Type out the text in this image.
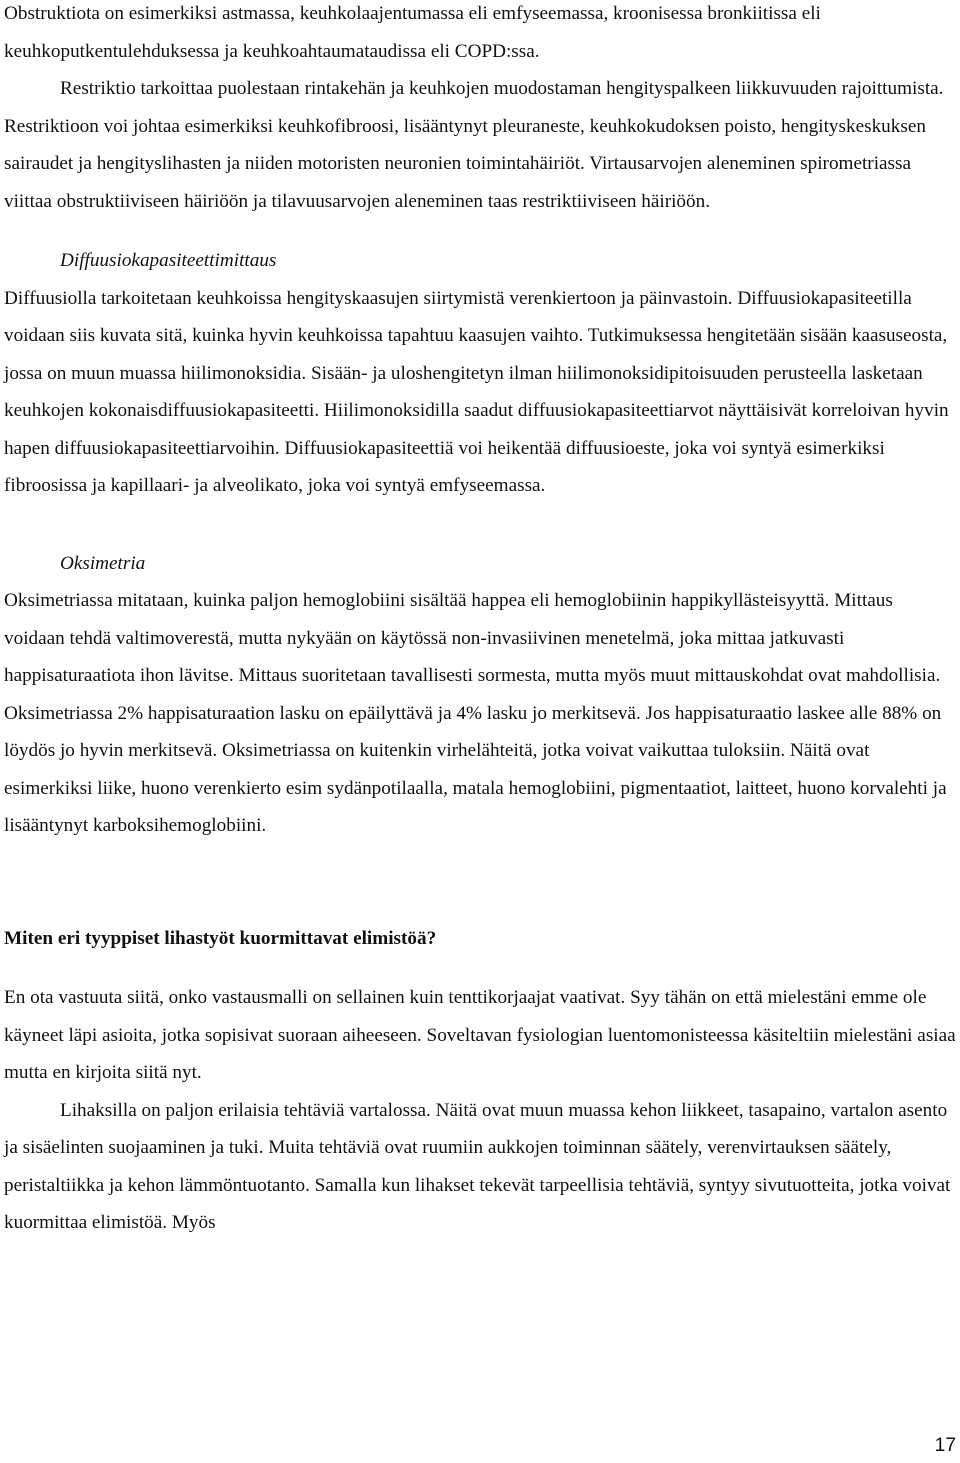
Obstruktiota on esimerkiksi astmassa, keuhkolaajentumassa eli emfyseemassa, kroonisessa bronkiitissa eli keuhkoputkentulehduksessa ja keuhkoahtaumataudissa eli COPD:ssa.

Restriktio tarkoittaa puolestaan rintakehän ja keuhkojen muodostaman hengityspalkeen liikkuvuuden rajoittumista. Restriktioon voi johtaa esimerkiksi keuhkofibroosi, lisääntynyt pleuraneste, keuhkokudoksen poisto, hengityskeskuksen sairaudet ja hengityslihasten ja niiden motoristen neuronien toimintahäiriöt. Virtausarvojen aleneminen spirometriassa viittaa obstruktiiviseen häiriöön ja tilavuusarvojen aleneminen taas restriktiiviseen häiriöön.

Diffuusiokapasiteettimittaus

Diffuusiolla tarkoitetaan keuhkoissa hengityskaasujen siirtymistä verenkiertoon ja päinvastoin. Diffuusiokapasiteetilla voidaan siis kuvata sitä, kuinka hyvin keuhkoissa tapahtuu kaasujen vaihto. Tutkimuksessa hengitetään sisään kaasuseosta, jossa on muun muassa hiilimonoksidia. Sisään- ja uloshengitetyn ilman hiilimonoksidipitoisuuden perusteella lasketaan keuhkojen kokonaisdiffuusiokapasiteetti. Hiilimonoksidilla saadut diffuusiokapasiteettiarvot näyttäisivät korreloivan hyvin hapen diffuusiokapasiteettiarvoihin. Diffuusiokapasiteettiä voi heikentää diffuusioeste, joka voi syntyä esimerkiksi fibroosissa ja kapillaari- ja alveolikato, joka voi syntyä emfyseemassa.

Oksimetria

Oksimetriassa mitataan, kuinka paljon hemoglobiini sisältää happea eli hemoglobiinin happikyllästeisyyttä. Mittaus voidaan tehdä valtimoverestä, mutta nykyään on käytössä non-invasiivinen menetelmä, joka mittaa jatkuvasti happisaturaatiota ihon lävitse. Mittaus suoritetaan tavallisesti sormesta, mutta myös muut mittauskohdat ovat mahdollisia. Oksimetriassa 2% happisaturaation lasku on epäilyttävä ja 4% lasku jo merkitsevä. Jos happisaturaatio laskee alle 88% on löydös jo hyvin merkitsevä. Oksimetriassa on kuitenkin virhelähteitä, jotka voivat vaikuttaa tuloksiin. Näitä ovat esimerkiksi liike, huono verenkierto esim sydänpotilaalla, matala hemoglobiini, pigmentaatiot, laitteet, huono korvalehti ja lisääntynyt karboksihemoglobiini.

Miten eri tyyppiset lihastyöt kuormittavat elimistöä?

En ota vastuuta siitä, onko vastausmalli on sellainen kuin tenttikorjaajat vaativat. Syy tähän on että mielestäni emme ole käyneet läpi asioita, jotka sopisivat suoraan aiheeseen. Soveltavan fysiologian luentomonisteessa käsiteltiin mielestäni asiaa mutta en kirjoita siitä nyt.

Lihaksilla on paljon erilaisia tehtäviä vartalossa. Näitä ovat muun muassa kehon liikkeet, tasapaino, vartalon asento ja sisäelinten suojaaminen ja tuki. Muita tehtäviä ovat ruumiin aukkojen toiminnan säätely, verenvirtauksen säätely, peristaltiikka ja kehon lämmöntuotanto. Samalla kun lihakset tekevät tarpeellisia tehtäviä, syntyy sivutuotteita, jotka voivat kuormittaa elimistöä. Myös

17
